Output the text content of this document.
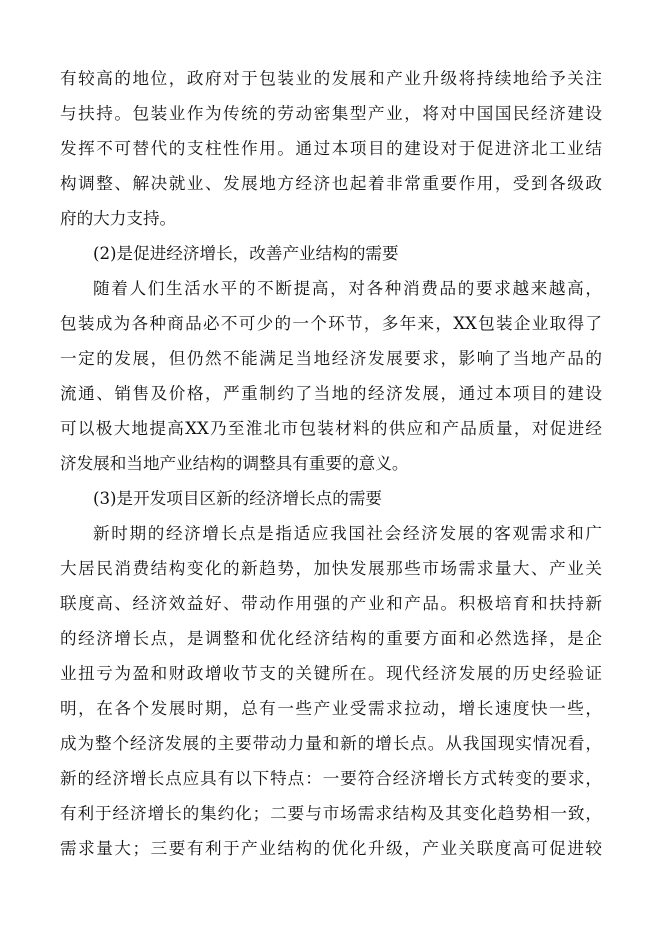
有较高的地位，政府对于包装业的发展和产业升级将持续地给予关注
与扶持。包装业作为传统的劳动密集型产业，将对中国国民经济建设
发挥不可替代的支柱性作用。通过本项目的建设对于促进济北工业结
构调整、解决就业、发展地方经济也起着非常重要作用，受到各级政
府的大力支持。
(2)是促进经济增长，改善产业结构的需要
随着人们生活水平的不断提高，对各种消费品的要求越来越高，
包装成为各种商品必不可少的一个环节，多年来，XX包装企业取得了
一定的发展，但仍然不能满足当地经济发展要求，影响了当地产品的
流通、销售及价格，严重制约了当地的经济发展，通过本项目的建设
可以极大地提高XX乃至淮北市包装材料的供应和产品质量，对促进经
济发展和当地产业结构的调整具有重要的意义。
(3)是开发项目区新的经济增长点的需要
新时期的经济增长点是指适应我国社会经济发展的客观需求和广
大居民消费结构变化的新趋势，加快发展那些市场需求量大、产业关
联度高、经济效益好、带动作用强的产业和产品。积极培育和扶持新
的经济增长点，是调整和优化经济结构的重要方面和必然选择，是企
业扭亏为盈和财政增收节支的关键所在。现代经济发展的历史经验证
明，在各个发展时期，总有一些产业受需求拉动，增长速度快一些，
成为整个经济发展的主要带动力量和新的增长点。从我国现实情况看，
新的经济增长点应具有以下特点：一要符合经济增长方式转变的要求，
有利于经济增长的集约化；二要与市场需求结构及其变化趋势相一致，
需求量大；三要有利于产业结构的优化升级，产业关联度高可促进较
